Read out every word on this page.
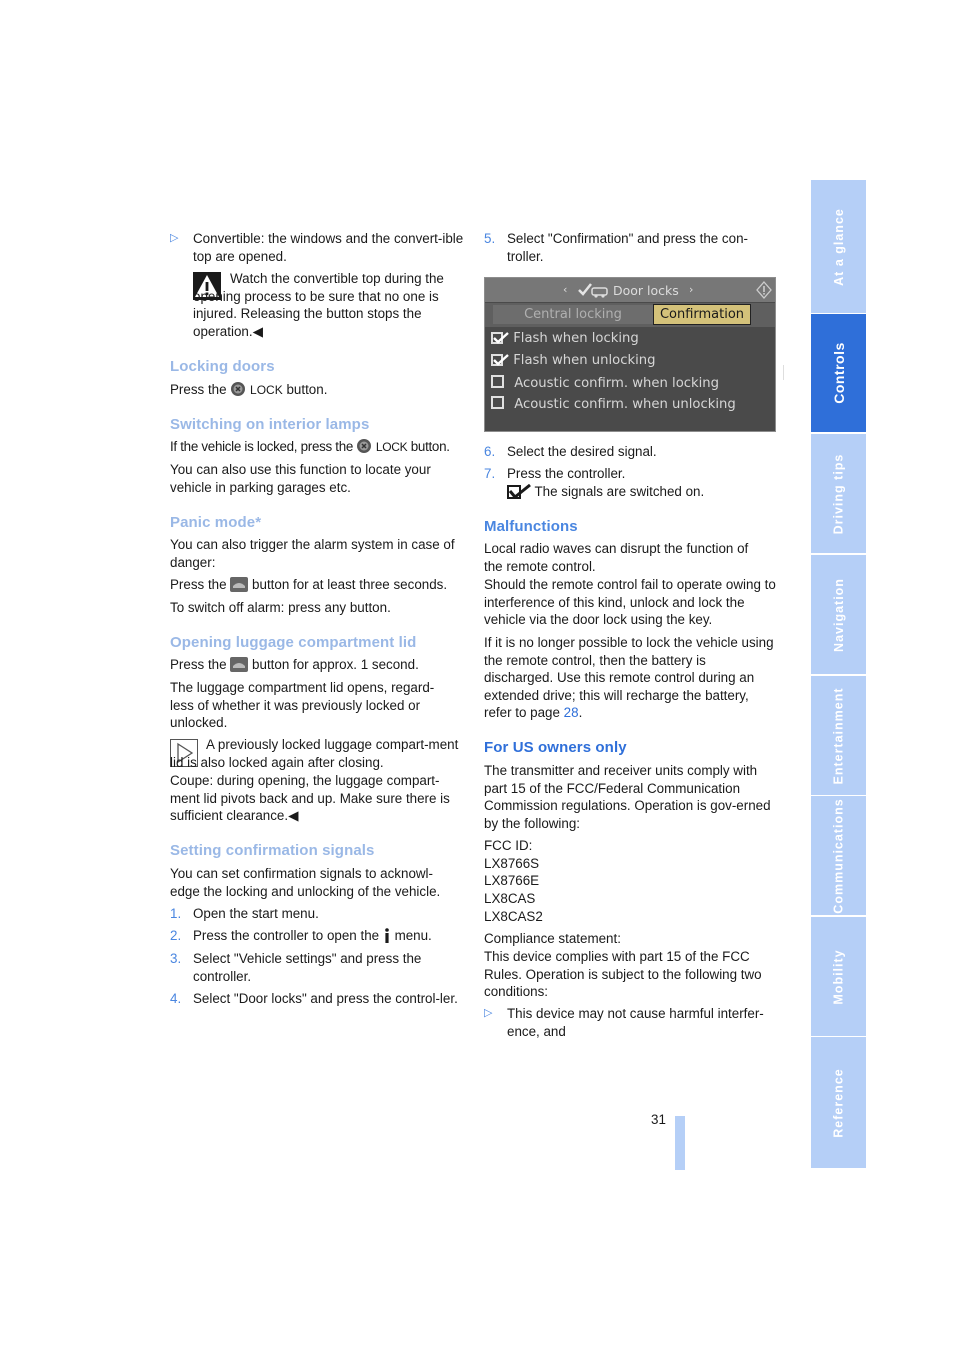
▷ Convertible: the windows and the convert-ible top are opened.

Watch the convertible top during the opening process to be sure that no one is injured. Releasing the button stops the operation.◀

Locking doors

Press the LOCK button.

Switching on interior lamps

If the vehicle is locked, press the LOCK button.

You can also use this function to locate your vehicle in parking garages etc.

Panic mode*

You can also trigger the alarm system in case of danger:

Press the button for at least three seconds.

To switch off alarm: press any button.

Opening luggage compartment lid

Press the button for approx. 1 second.

The luggage compartment lid opens, regard-less of whether it was previously locked or unlocked.

A previously locked luggage compart-ment lid is also locked again after closing.

Coupe: during opening, the luggage compart-ment lid pivots back and up. Make sure there is sufficient clearance.◀

Setting confirmation signals

You can set confirmation signals to acknowl-edge the locking and unlocking of the vehicle.

1. Open the start menu.
2. Press the controller to open the menu.
3. Select "Vehicle settings" and press the controller.
4. Select "Door locks" and press the control-ler.
5. Select "Confirmation" and press the con-troller.
‹	Door locks ›
Central locking	Confirmation
Flash when locking
Flash when unlocking
Acoustic confirm. when locking
Acoustic confirm. when unlocking
6. Select the desired signal.
7. Press the controller.

The signals are switched on.

Malfunctions

Local radio waves can disrupt the function of the remote control.

Should the remote control fail to operate owing to interference of this kind, unlock and lock the vehicle via the door lock using the key.

If it is no longer possible to lock the vehicle using the remote control, then the battery is discharged. Use this remote control during an extended drive; this will recharge the battery, refer to page 28.

For US owners only

The transmitter and receiver units comply with part 15 of the FCC/Federal Communication Commission regulations. Operation is gov-erned by the following:

FCC ID:

LX8766S

LX8766E

LX8CAS

LX8CAS2

Compliance statement:

This device complies with part 15 of the FCC Rules. Operation is subject to the following two conditions:

▷ This device may not cause harmful interfer-ence, and
———
31
At a glance
Controls
Driving tips
Navigation
Entertainment
Communications
Mobility
Reference
